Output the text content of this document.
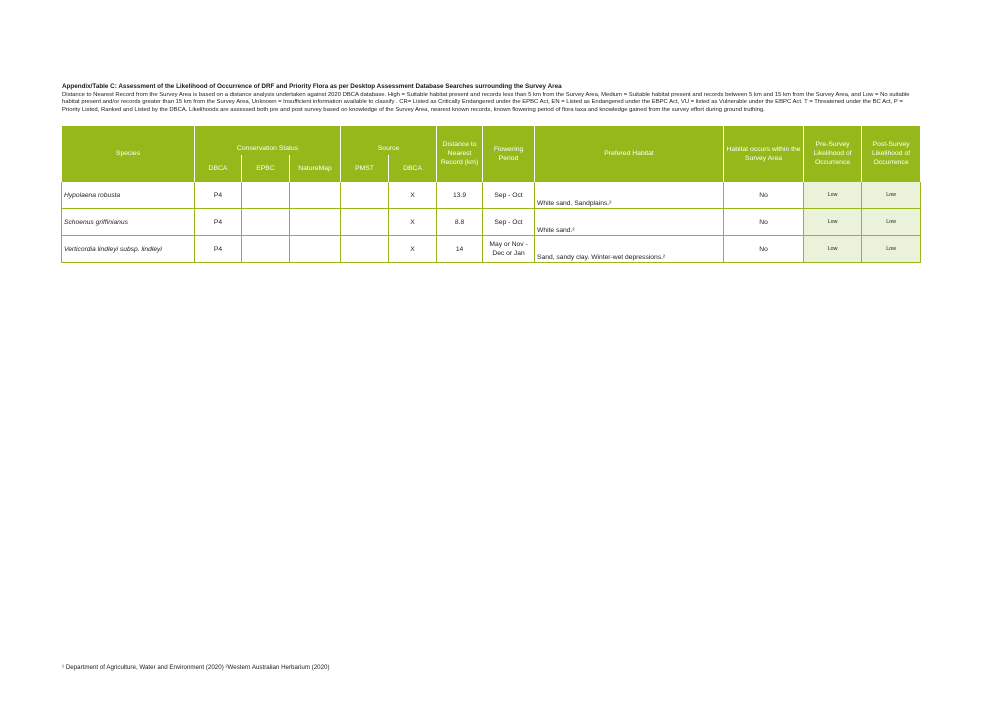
Appendix/Table C: Assessment of the Likelihood of Occurrence of DRF and Priority Flora as per Desktop Assessment Database Searches surrounding the Survey Area
Distance to Nearest Record from the Survey Area is based on a distance analysis undertaken against 2020 DBCA database. High = Suitable habitat present and records less than 5 km from the Survey Area, Medium = Suitable habitat present and records between 5 km and 15 km from the Survey Area, and Low = No suitable habitat present and/or records greater than 15 km from the Survey Area, Unknown = Insufficient information available to classify . CR= Listed as Critically Endangered under the EPBC Act, EN = Listed as Endangered under the EBPC Act, VU = listed as Vulnerable under the EBPC Act. T = Threatened under the BC Act, P = Priority Listed, Ranked and Listed by the DBCA. Likelihoods are assessed both pre and post survey based on knowledge of the Survey Area, nearest known records, known flowering period of flora taxa and knowledge gained from the survey effort during ground truthing.
Species	Conservation Status			Source		Distance to Nearest Record (km)	Flowering Period	Prefered Habitat	Habitat occurs within the Survey Area	Pre-Survey Likelihood of Occurrence	Post-Survey Likelihood of Occurrence
	DBCA	EPBC	NatureMap	PMST	DBCA						
Hypolaena robusta	P4				X	13.9	Sep - Oct	White sand. Sandplains.²	No	Low	Low
Schoenus griffinianus	P4				X	8.8	Sep - Oct	White sand.²	No	Low	Low
Verticordia lindleyi subsp. lindleyi	P4				X	14	May or Nov - Dec or Jan	Sand, sandy clay. Winter-wet depressions.²	No	Low	Low
¹ Department of Agriculture, Water and Environment (2020) ²Western Australian Herbarium (2020)
